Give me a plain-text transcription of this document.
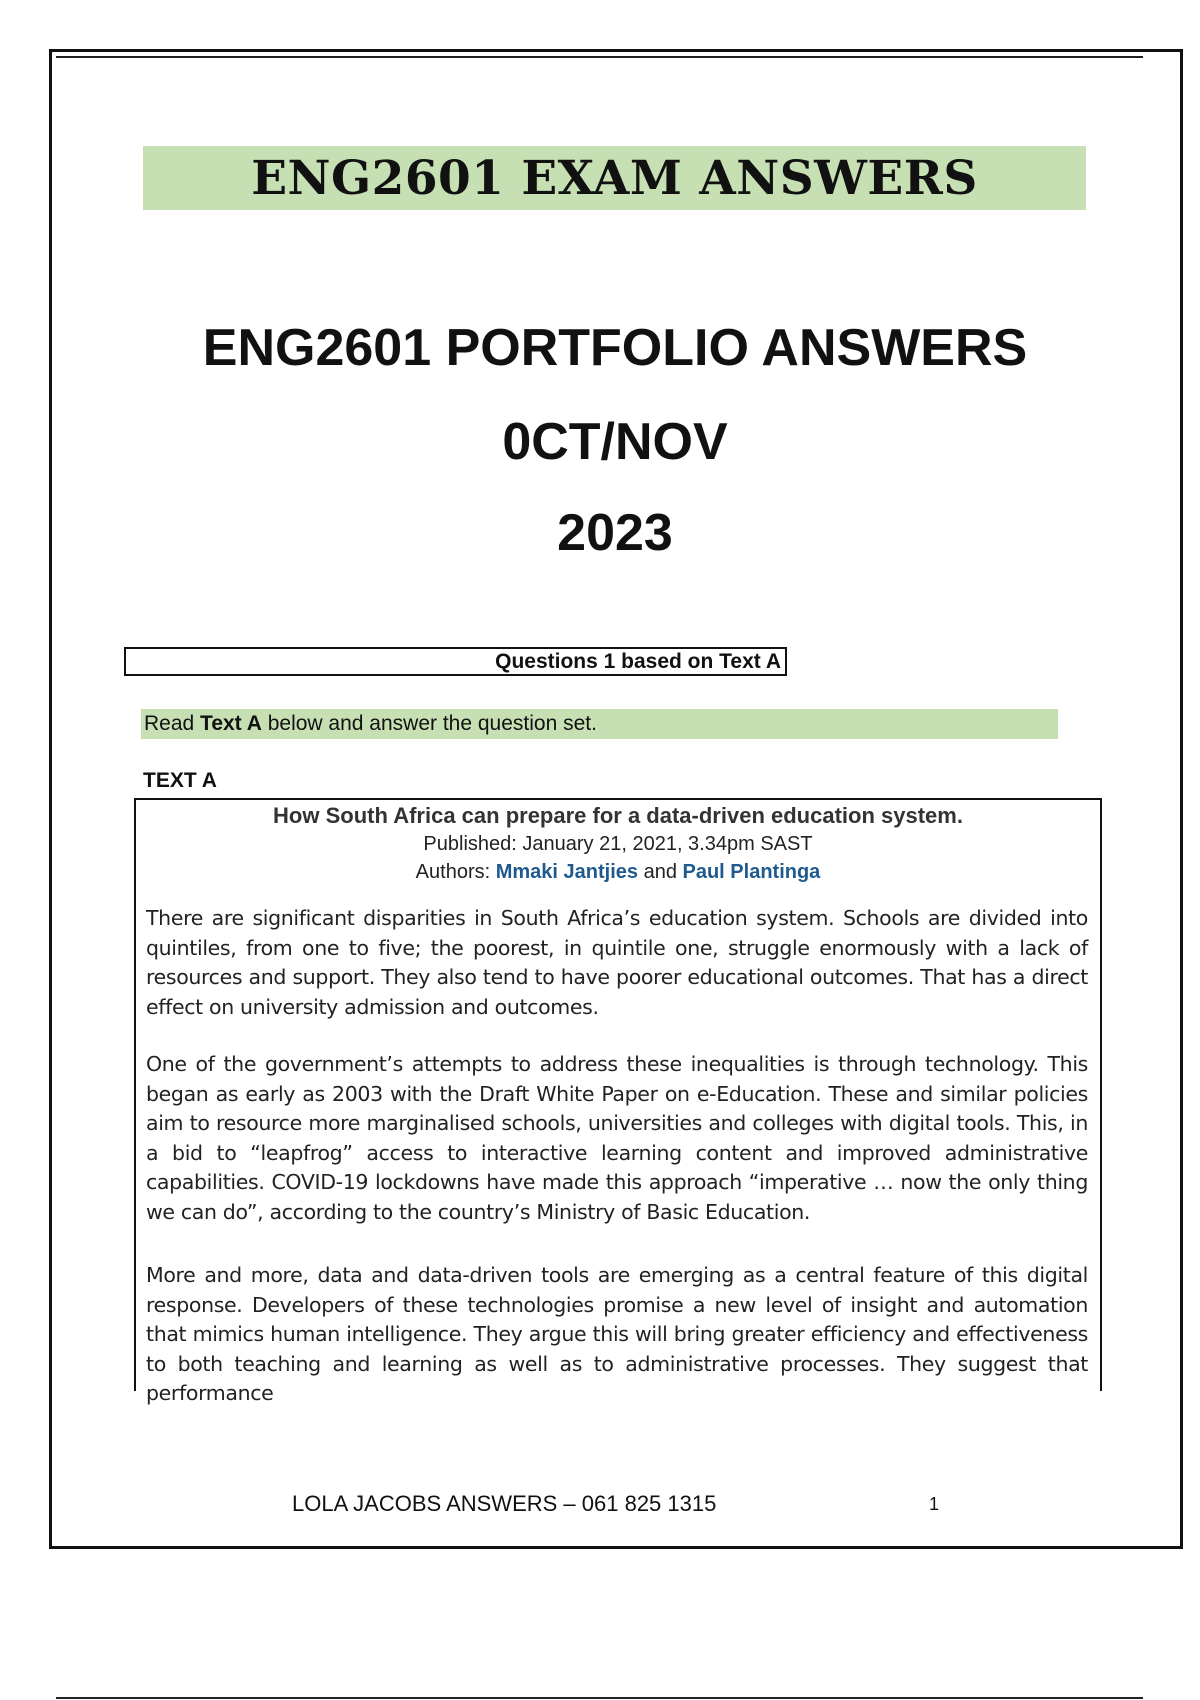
ENG2601 EXAM ANSWERS
ENG2601 PORTFOLIO ANSWERS
0CT/NOV
2023
Questions 1 based on Text A
Read Text A below and answer the question set.
TEXT A
How South Africa can prepare for a data-driven education system.
Published: January 21, 2021, 3.34pm SAST
Authors: Mmaki Jantjies and Paul Plantinga
There are significant disparities in South Africa’s education system. Schools are divided into quintiles, from one to five; the poorest, in quintile one, struggle enormously with a lack of resources and support. They also tend to have poorer educational outcomes. That has a direct effect on university admission and outcomes.
One of the government’s attempts to address these inequalities is through technology. This began as early as 2003 with the Draft White Paper on e-Education. These and similar policies aim to resource more marginalised schools, universities and colleges with digital tools. This, in a bid to “leapfrog” access to interactive learning content and improved administrative capabilities. COVID-19 lockdowns have made this approach “imperative … now the only thing we can do”, according to the country’s Ministry of Basic Education.
More and more, data and data-driven tools are emerging as a central feature of this digital response. Developers of these technologies promise a new level of insight and automation that mimics human intelligence. They argue this will bring greater efficiency and effectiveness to both teaching and learning as well as to administrative processes. They suggest that performance
LOLA JACOBS ANSWERS – 061 825 1315	1
